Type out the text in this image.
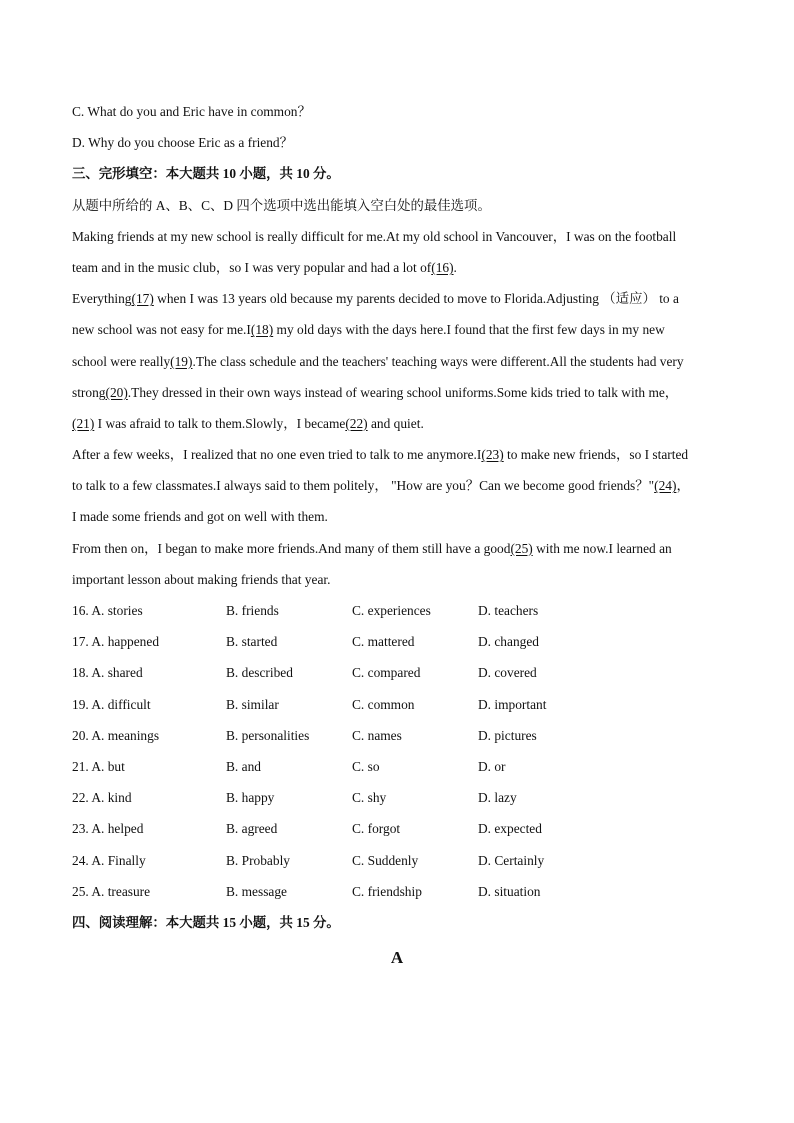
C. What do you and Eric have in common？
D. Why do you choose Eric as a friend？
三、完形填空：本大题共 10 小题，共 10 分。
从题中所给的 A、B、C、D 四个选项中选出能填入空白处的最佳选项。
Making friends at my new school is really difficult for me.At my old school in Vancouver，I was on the football
team and in the music club，so I was very popular and had a lot of(16).
Everything(17) when I was 13 years old because my parents decided to move to Florida.Adjusting （适应） to a
new school was not easy for me.I(18) my old days with the days here.I found that the first few days in my new
school were really(19).The class schedule and the teachers' teaching ways were different.All the students had very
strong(20).They dressed in their own ways instead of wearing school uniforms.Some kids tried to talk with me，
(21) I was afraid to talk to them.Slowly，I became(22) and quiet.
After a few weeks，I realized that no one even tried to talk to me anymore.I(23) to make new friends，so I started
to talk to a few classmates.I always said to them politely， "How are you？Can we become good friends？"(24)，
I made some friends and got on well with them.
From then on，I began to make more friends.And many of them still have a good(25) with me now.I learned an
important lesson about making friends that year.
16. A. stories	B. friends	C. experiences	D. teachers
17. A. happened	B. started	C. mattered	D. changed
18. A. shared	B. described	C. compared	D. covered
19. A. difficult	B. similar	C. common	D. important
20. A. meanings	B. personalities	C. names	D. pictures
21. A. but	B. and	C. so	D. or
22. A. kind	B. happy	C. shy	D. lazy
23. A. helped	B. agreed	C. forgot	D. expected
24. A. Finally	B. Probably	C. Suddenly	D. Certainly
25. A. treasure	B. message	C. friendship	D. situation
四、阅读理解：本大题共 15 小题，共 15 分。
A
